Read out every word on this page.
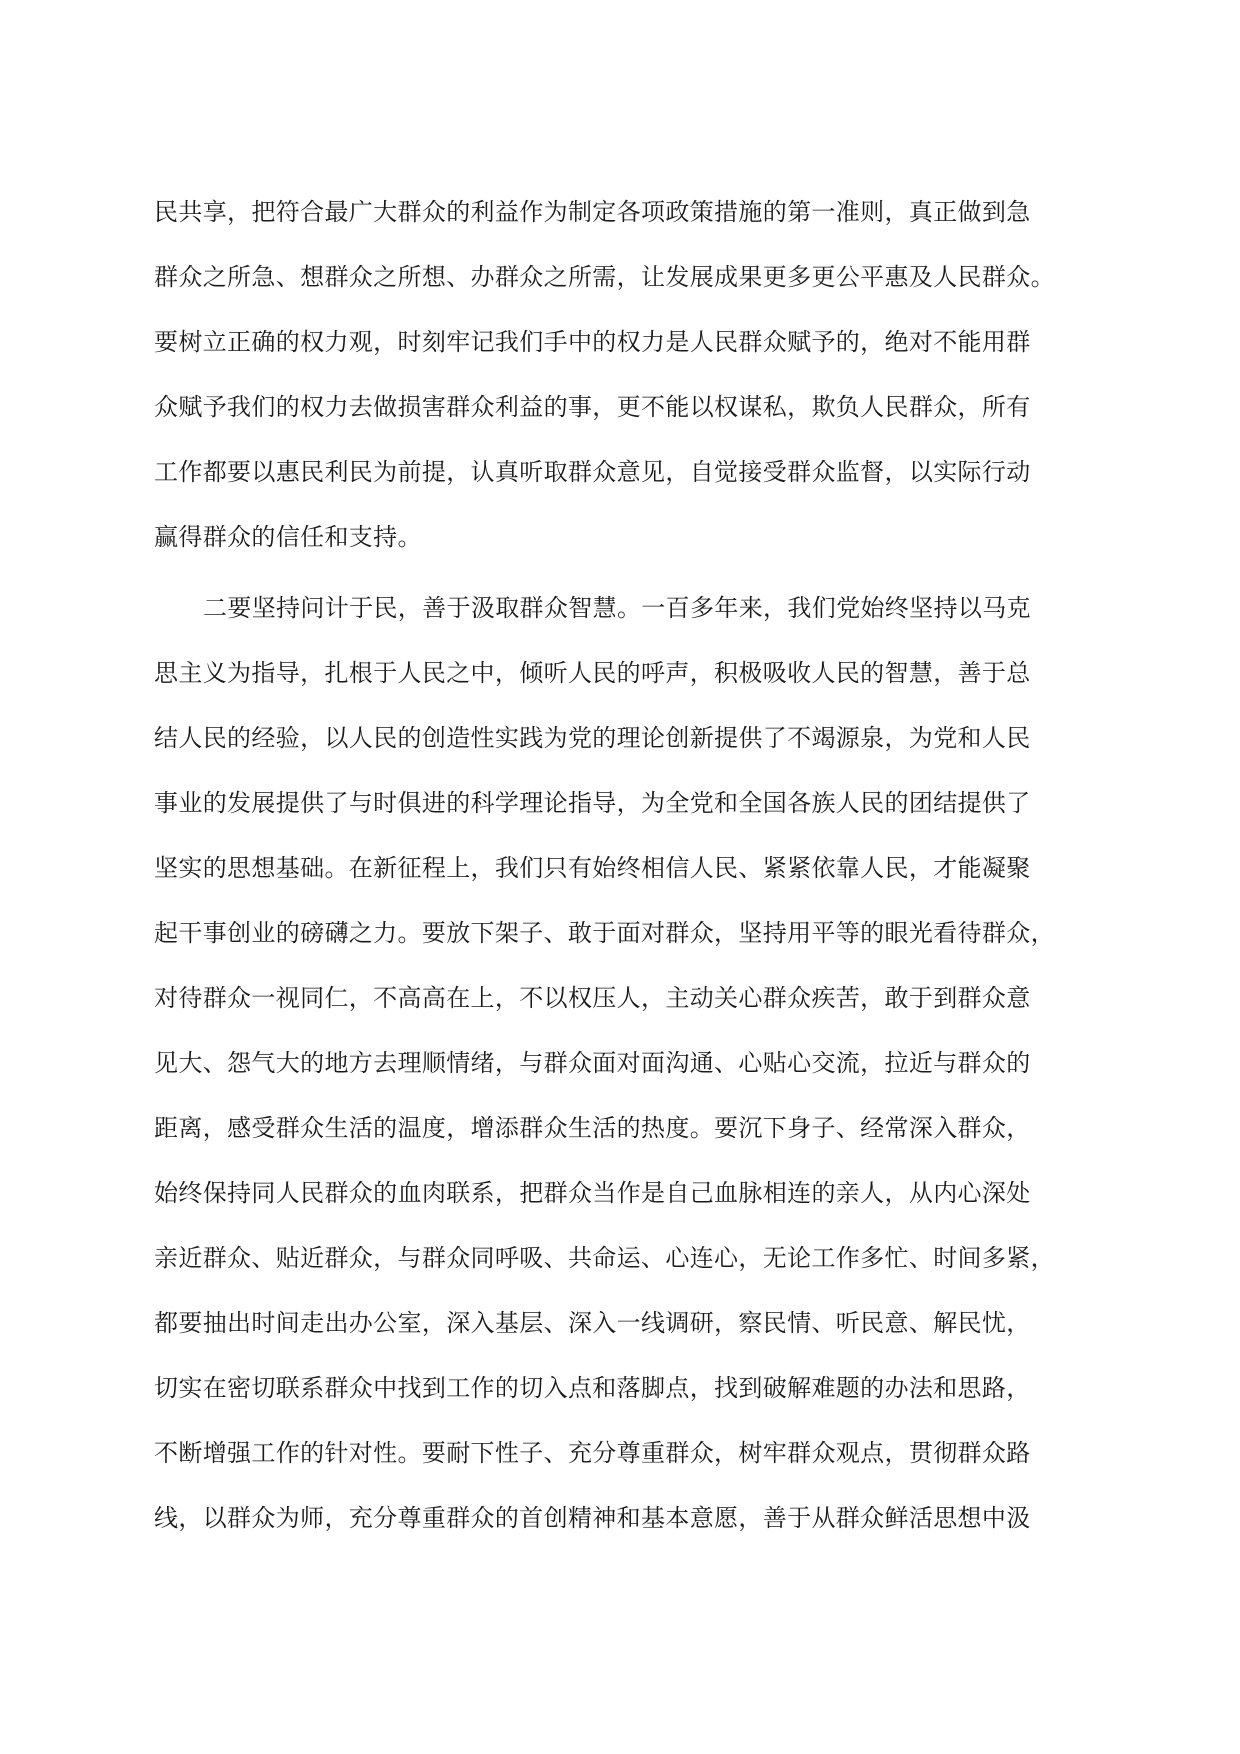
民共享，把符合最广大群众的利益作为制定各项政策措施的第一准则，真正做到急
群众之所急、想群众之所想、办群众之所需，让发展成果更多更公平惠及人民群众。
要树立正确的权力观，时刻牢记我们手中的权力是人民群众赋予的，绝对不能用群
众赋予我们的权力去做损害群众利益的事，更不能以权谋私，欺负人民群众，所有
工作都要以惠民利民为前提，认真听取群众意见，自觉接受群众监督，以实际行动
赢得群众的信任和支持。
二要坚持问计于民，善于汲取群众智慧。一百多年来，我们党始终坚持以马克
思主义为指导，扎根于人民之中，倾听人民的呼声，积极吸收人民的智慧，善于总
结人民的经验，以人民的创造性实践为党的理论创新提供了不竭源泉，为党和人民
事业的发展提供了与时俱进的科学理论指导，为全党和全国各族人民的团结提供了
坚实的思想基础。在新征程上，我们只有始终相信人民、紧紧依靠人民，才能凝聚
起干事创业的磅礴之力。要放下架子、敢于面对群众，坚持用平等的眼光看待群众，
对待群众一视同仁，不高高在上，不以权压人，主动关心群众疾苦，敢于到群众意
见大、怨气大的地方去理顺情绪，与群众面对面沟通、心贴心交流，拉近与群众的
距离，感受群众生活的温度，增添群众生活的热度。要沉下身子、经常深入群众，
始终保持同人民群众的血肉联系，把群众当作是自己血脉相连的亲人，从内心深处
亲近群众、贴近群众，与群众同呼吸、共命运、心连心，无论工作多忙、时间多紧，
都要抽出时间走出办公室，深入基层、深入一线调研，察民情、听民意、解民忧，
切实在密切联系群众中找到工作的切入点和落脚点，找到破解难题的办法和思路，
不断增强工作的针对性。要耐下性子、充分尊重群众，树牢群众观点，贯彻群众路
线，以群众为师，充分尊重群众的首创精神和基本意愿，善于从群众鲜活思想中汲
